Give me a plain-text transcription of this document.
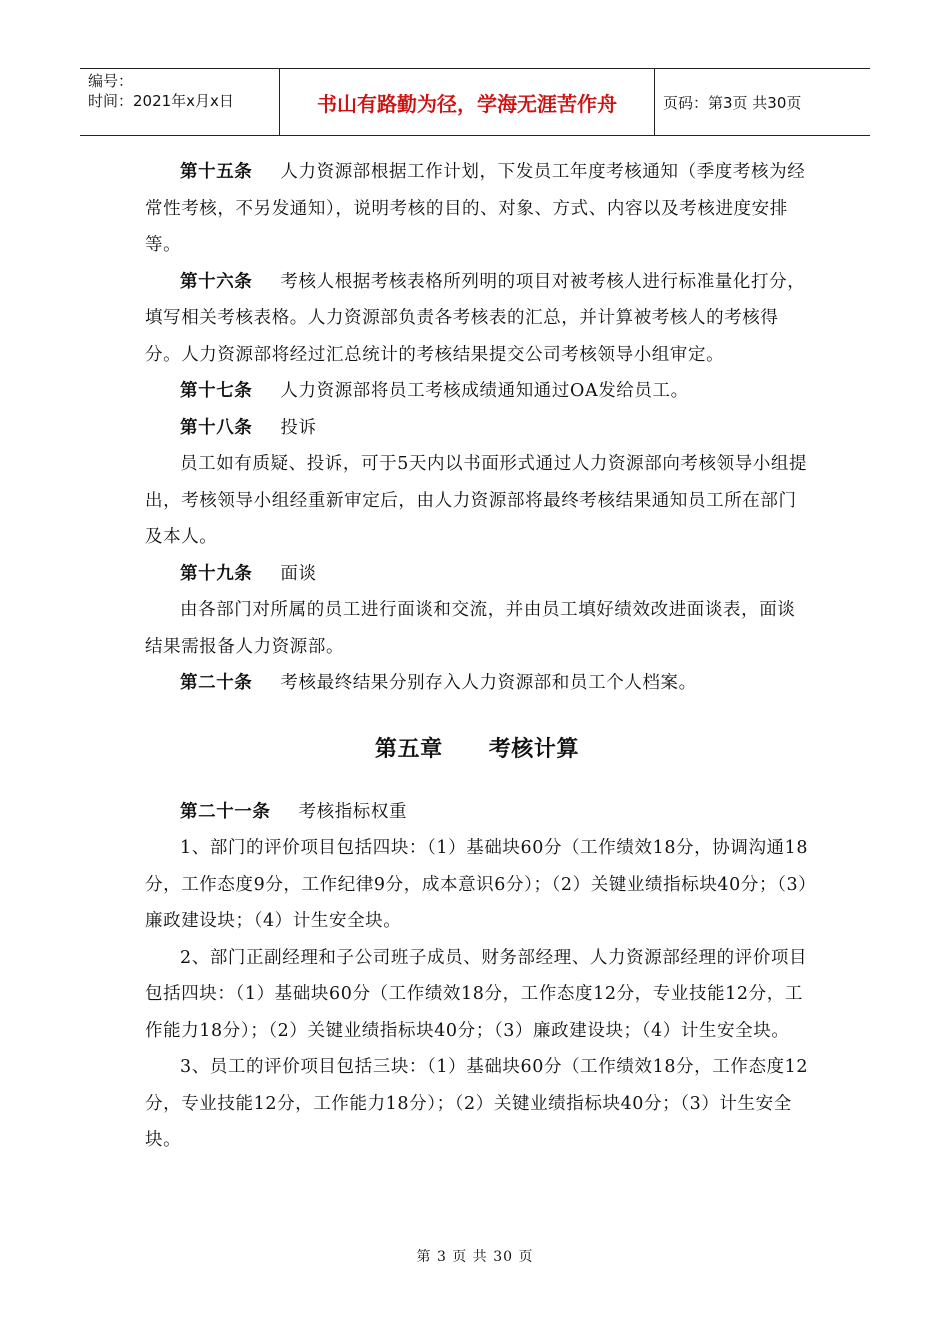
编号：
时间：2021年x月x日	书山有路勤为径，学海无涯苦作舟	页码：第3页 共30页

第十五条 人力资源部根据工作计划，下发员工年度考核通知（季度考核为经常性考核，不另发通知），说明考核的目的、对象、方式、内容以及考核进度安排等。

第十六条 考核人根据考核表格所列明的项目对被考核人进行标准量化打分，填写相关考核表格。人力资源部负责各考核表的汇总，并计算被考核人的考核得分。人力资源部将经过汇总统计的考核结果提交公司考核领导小组审定。

第十七条 人力资源部将员工考核成绩通知通过OA发给员工。

第十八条 投诉

员工如有质疑、投诉，可于5天内以书面形式通过人力资源部向考核领导小组提出，考核领导小组经重新审定后，由人力资源部将最终考核结果通知员工所在部门及本人。

第十九条 面谈

由各部门对所属的员工进行面谈和交流，并由员工填好绩效改进面谈表，面谈结果需报备人力资源部。

第二十条 考核最终结果分别存入人力资源部和员工个人档案。

第五章 考核计算

第二十一条 考核指标权重

1、部门的评价项目包括四块：（1）基础块60分（工作绩效18分，协调沟通18分，工作态度9分，工作纪律9分，成本意识6分）；（2）关键业绩指标块40分；（3）廉政建设块；（4）计生安全块。

2、部门正副经理和子公司班子成员、财务部经理、人力资源部经理的评价项目包括四块：（1）基础块60分（工作绩效18分，工作态度12分，专业技能12分，工作能力18分）；（2）关键业绩指标块40分；（3）廉政建设块；（4）计生安全块。

3、员工的评价项目包括三块：（1）基础块60分（工作绩效18分，工作态度12分，专业技能12分，工作能力18分）；（2）关键业绩指标块40分；（3）计生安全块。

第 3 页 共 30 页
